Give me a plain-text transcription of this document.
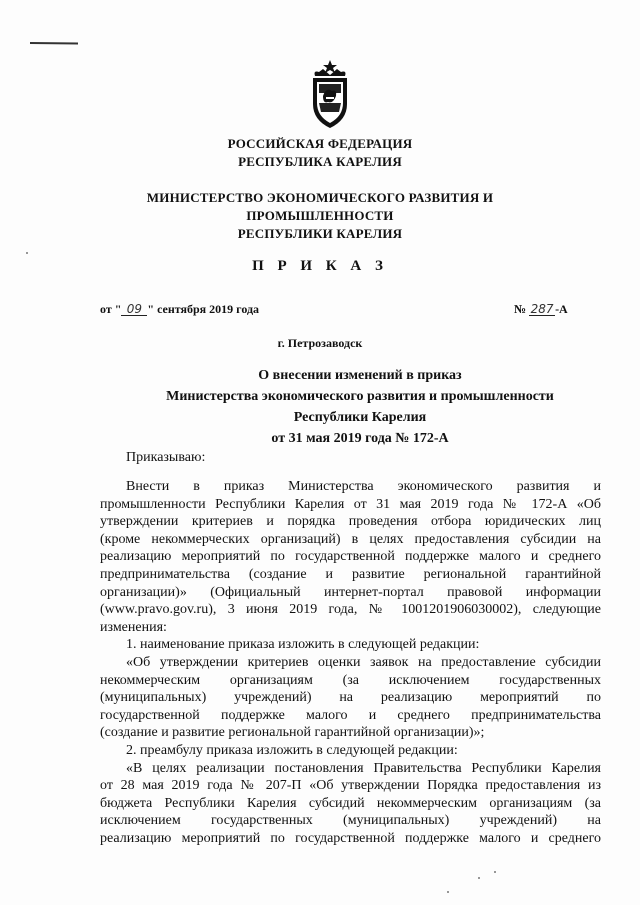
РОССИЙСКАЯ ФЕДЕРАЦИЯ
РЕСПУБЛИКА КАРЕЛИЯ
МИНИСТЕРСТВО ЭКОНОМИЧЕСКОГО РАЗВИТИЯ И
ПРОМЫШЛЕННОСТИ
РЕСПУБЛИКИ КАРЕЛИЯ
П Р И К А З
от " 09 " сентября 2019 года	№ 287 -А
г. Петрозаводск
О внесении изменений в приказ
Министерства экономического развития и промышленности
Республики Карелия
от 31 мая 2019 года № 172-А
Приказываю:
Внести в приказ Министерства экономического развития и
промышленности Республики Карелия от 31 мая 2019 года № 172-А «Об
утверждении критериев и порядка проведения отбора юридических лиц
(кроме некоммерческих организаций) в целях предоставления субсидии на
реализацию мероприятий по государственной поддержке малого и среднего
предпринимательства (создание и развитие региональной гарантийной
организации)» (Официальный интернет-портал правовой информации
(www.pravo.gov.ru), 3 июня 2019 года, № 1001201906030002), следующие
изменения:
1. наименование приказа изложить в следующей редакции:
«Об утверждении критериев оценки заявок на предоставление субсидии
некоммерческим организациям (за исключением государственных
(муниципальных) учреждений) на реализацию мероприятий по
государственной поддержке малого и среднего предпринимательства
(создание и развитие региональной гарантийной организации)»;
2. преамбулу приказа изложить в следующей редакции:
«В целях реализации постановления Правительства Республики Карелия
от 28 мая 2019 года № 207-П «Об утверждении Порядка предоставления из
бюджета Республики Карелия субсидий некоммерческим организациям (за
исключением государственных (муниципальных) учреждений) на
реализацию мероприятий по государственной поддержке малого и среднего
